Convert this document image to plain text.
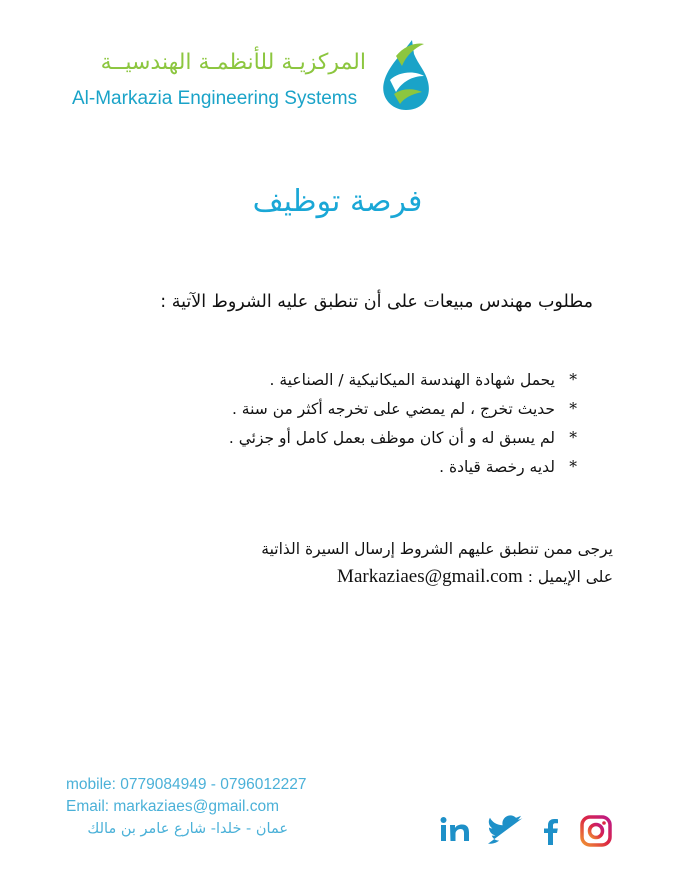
المركزيـة للأنظمـة الهندسيــة
Al-Markazia Engineering Systems
فرصة توظيف
مطلوب مهندس مبيعات على أن تنطبق عليه الشروط الآتية :
*يحمل شهادة الهندسة الميكانيكية / الصناعية .
*حديث تخرج ، لم يمضي على تخرجه أكثر من سنة .
*لم يسبق له و أن كان موظف بعمل كامل أو جزئي .
*لديه رخصة قيادة .
يرجى ممن تنطبق عليهم الشروط إرسال السيرة الذاتية
على الإيميل : Markaziaes@gmail.com
mobile: 0779084949 - 0796012227
Email: markaziaes@gmail.com
عمان - خلدا- شارع عامر بن مالك
